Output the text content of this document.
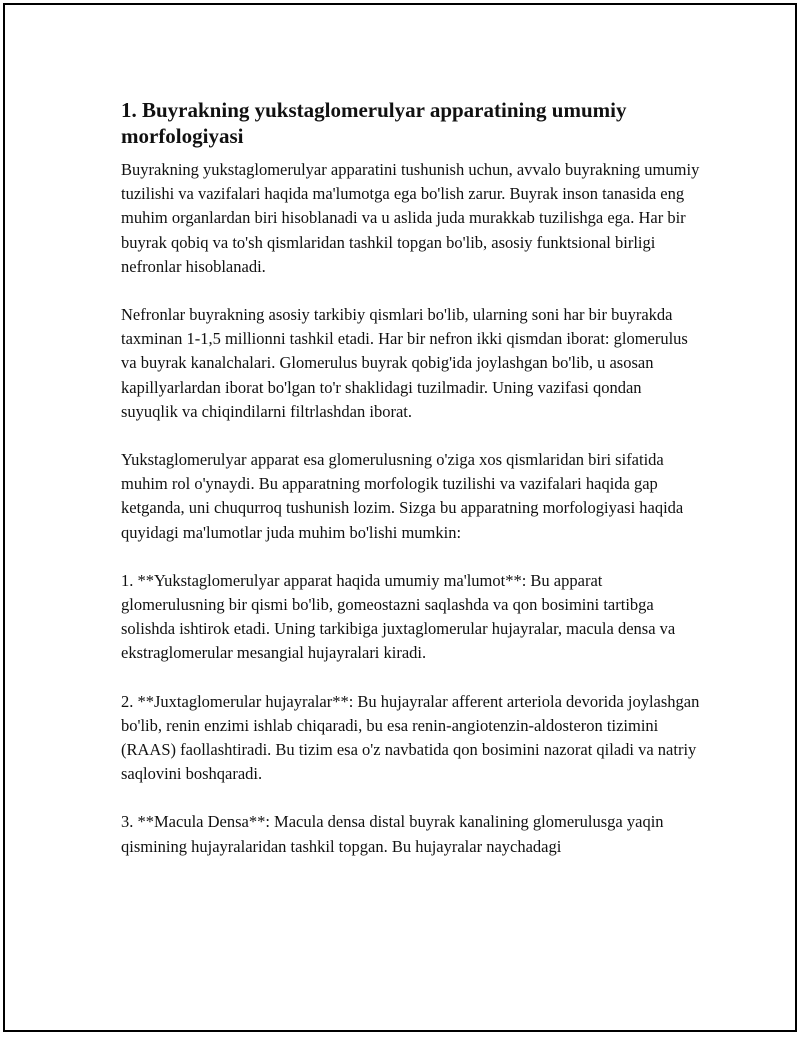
1. Buyrakning yukstaglomerulyar apparatining umumiy morfologiyasi

Buyrakning yukstaglomerulyar apparatini tushunish uchun, avvalo buyrakning umumiy tuzilishi va vazifalari haqida ma'lumotga ega bo'lish zarur. Buyrak inson tanasida eng muhim organlardan biri hisoblanadi va u aslida juda murakkab tuzilishga ega. Har bir buyrak qobiq va to'sh qismlaridan tashkil topgan bo'lib, asosiy funktsional birligi nefronlar hisoblanadi.

Nefronlar buyrakning asosiy tarkibiy qismlari bo'lib, ularning soni har bir buyrakda taxminan 1-1,5 millionni tashkil etadi. Har bir nefron ikki qismdan iborat: glomerulus va buyrak kanalchalari. Glomerulus buyrak qobig'ida joylashgan bo'lib, u asosan kapillyarlardan iborat bo'lgan to'r shaklidagi tuzilmadir. Uning vazifasi qondan suyuqlik va chiqindilarni filtrlashdan iborat.

Yukstaglomerulyar apparat esa glomerulusning o'ziga xos qismlaridan biri sifatida muhim rol o'ynaydi. Bu apparatning morfologik tuzilishi va vazifalari haqida gap ketganda, uni chuqurroq tushunish lozim. Sizga bu apparatning morfologiyasi haqida quyidagi ma'lumotlar juda muhim bo'lishi mumkin:

1. **Yukstaglomerulyar apparat haqida umumiy ma'lumot**: Bu apparat glomerulusning bir qismi bo'lib, gomeostazni saqlashda va qon bosimini tartibga solishda ishtirok etadi. Uning tarkibiga juxtaglomerular hujayralar, macula densa va ekstraglomerular mesangial hujayralari kiradi.

2. **Juxtaglomerular hujayralar**: Bu hujayralar afferent arteriola devorida joylashgan bo'lib, renin enzimi ishlab chiqaradi, bu esa renin-angiotenzin-aldosteron tizimini (RAAS) faollashtiradi. Bu tizim esa o'z navbatida qon bosimini nazorat qiladi va natriy saqlovini boshqaradi.

3. **Macula Densa**: Macula densa distal buyrak kanalining glomerulusga yaqin qismining hujayralaridan tashkil topgan. Bu hujayralar naychadagi
